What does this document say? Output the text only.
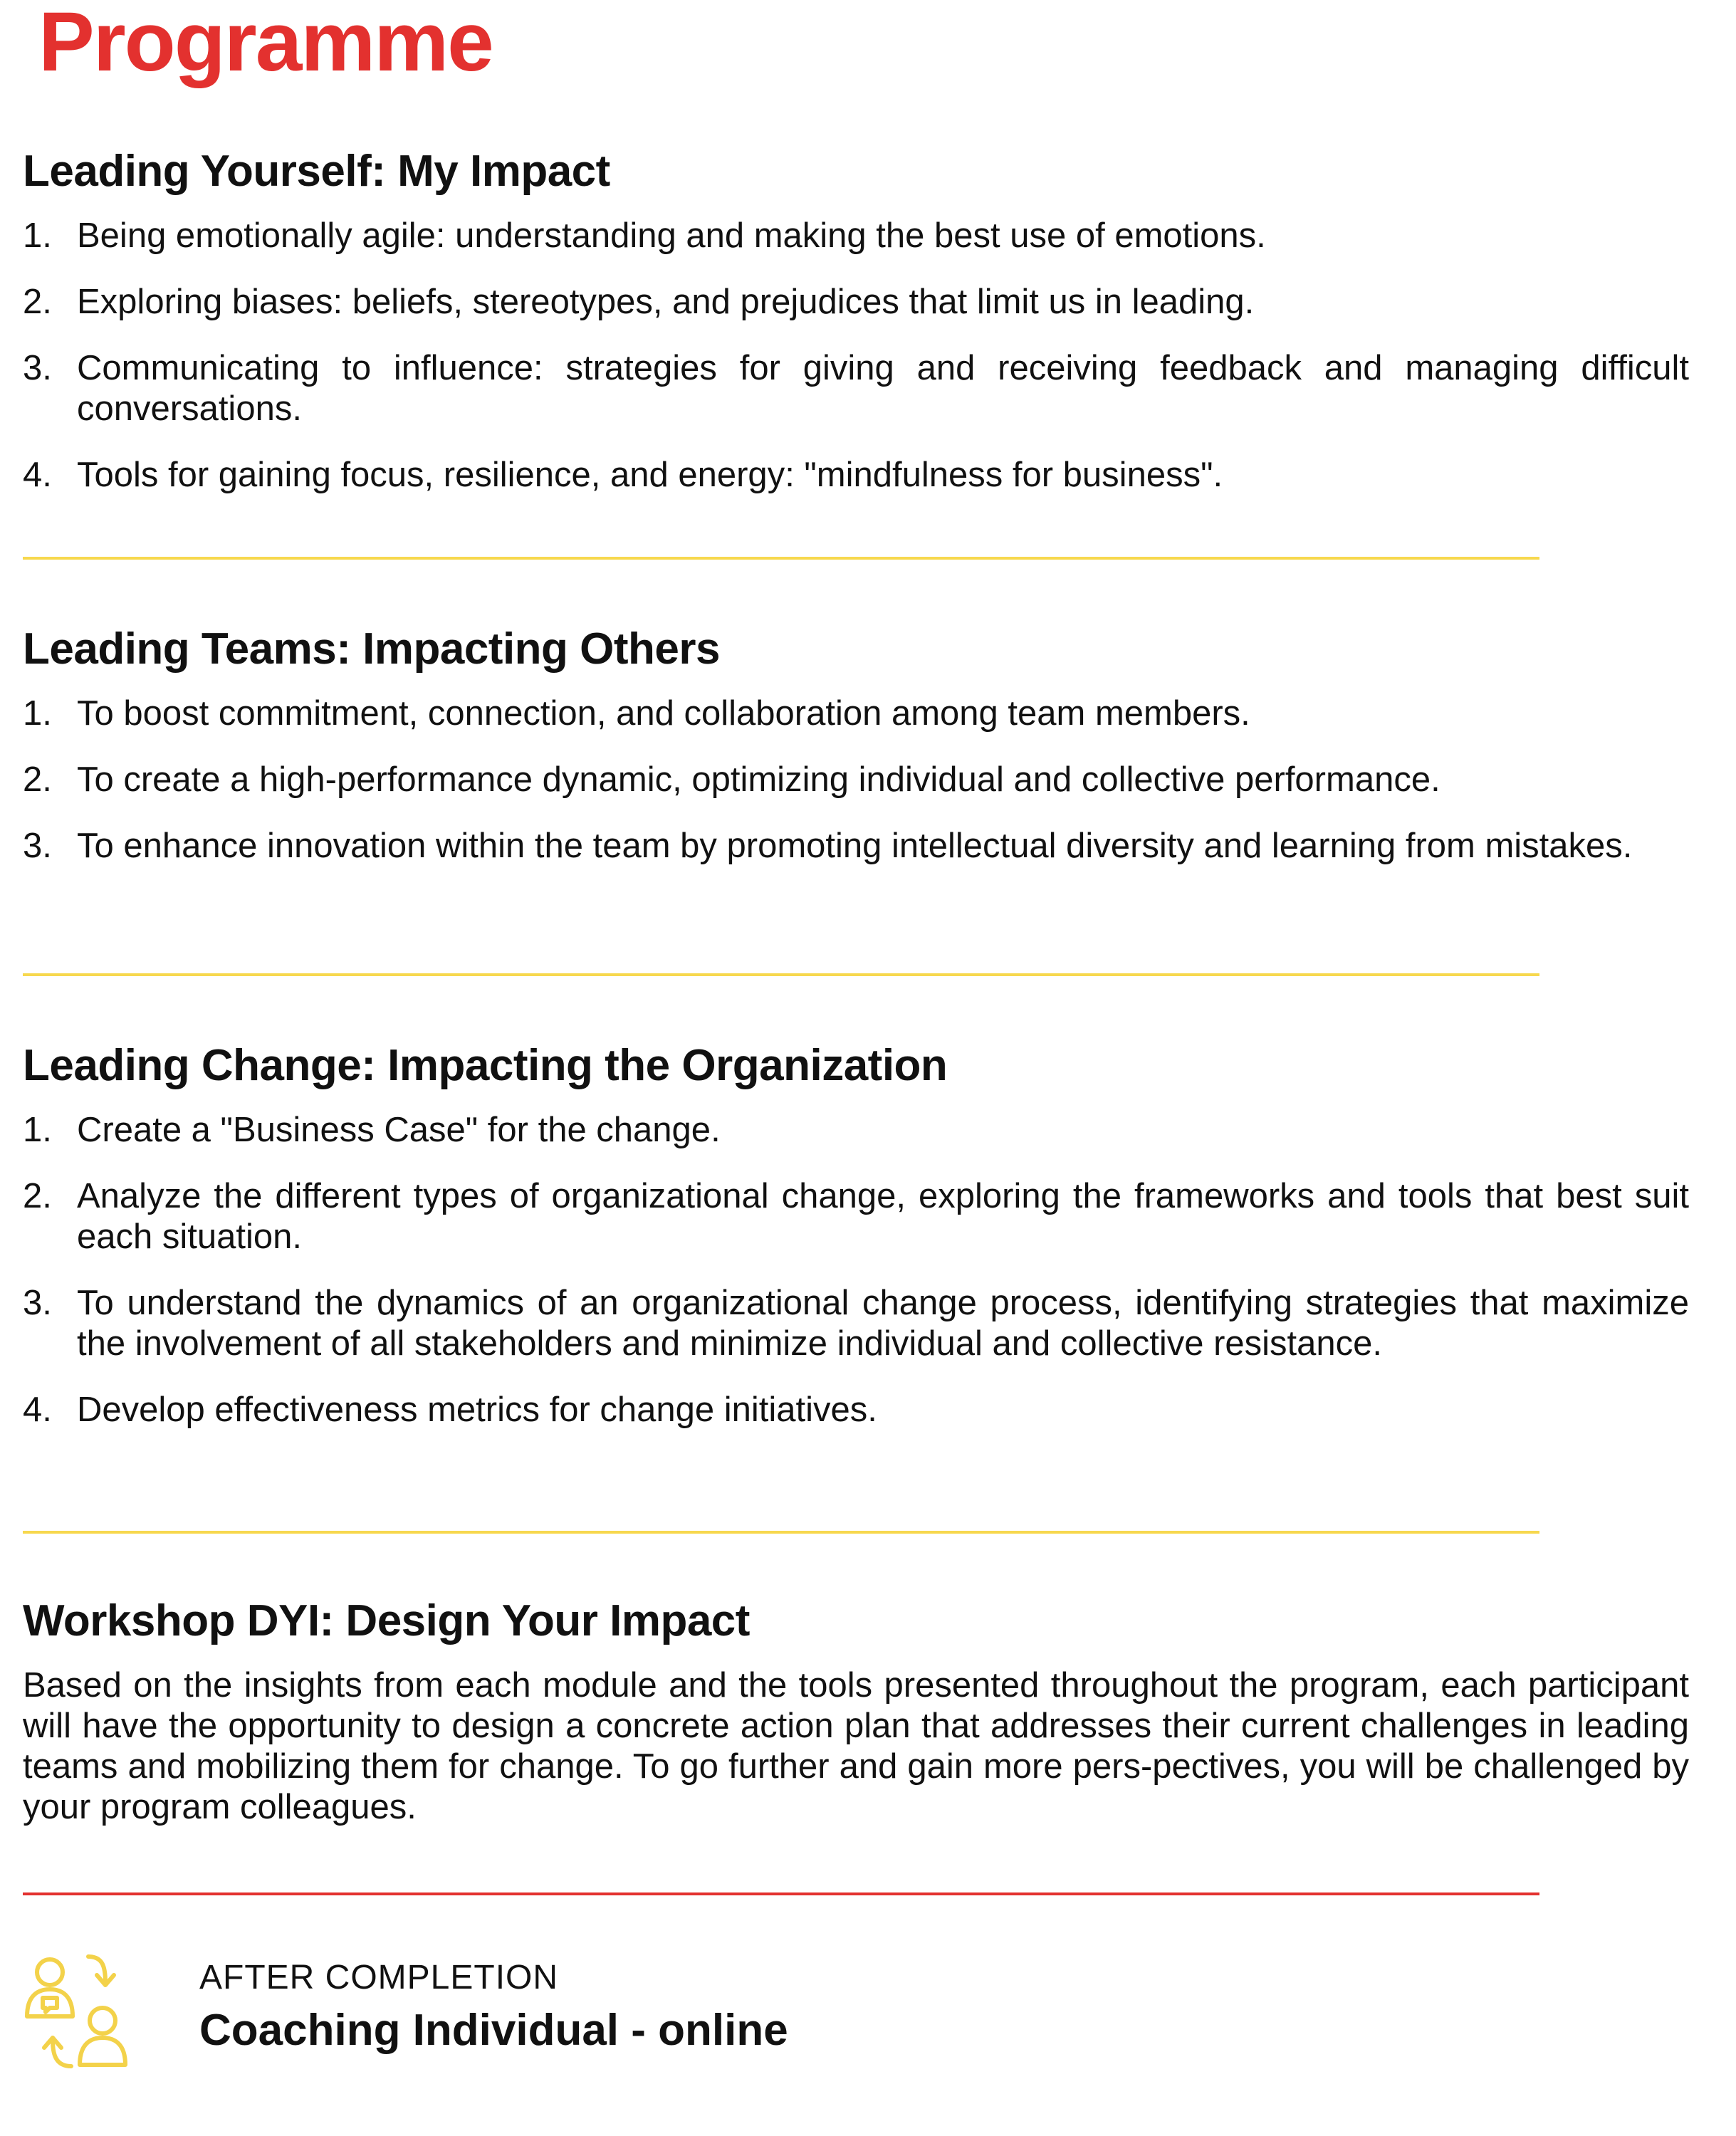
Programme
Leading Yourself: My Impact
1. Being emotionally agile: understanding and making the best use of emotions.
2. Exploring biases: beliefs, stereotypes, and prejudices that limit us in leading.
3. Communicating to influence: strategies for giving and receiving feedback and managing difficult conversations.
4. Tools for gaining focus, resilience, and energy: "mindfulness for business".
Leading Teams: Impacting Others
1. To boost commitment, connection, and collaboration among team members.
2. To create a high-performance dynamic, optimizing individual and collective performance.
3. To enhance innovation within the team by promoting intellectual diversity and learning from mistakes.
Leading Change: Impacting the Organization
1. Create a "Business Case" for the change.
2. Analyze the different types of organizational change, exploring the frameworks and tools that best suit each situation.
3. To understand the dynamics of an organizational change process, identifying strategies that maximize the involvement of all stakeholders and minimize individual and collective resistance.
4. Develop effectiveness metrics for change initiatives.
Workshop DYI: Design Your Impact

Based on the insights from each module and the tools presented throughout the program, each participant will have the opportunity to design a concrete action plan that addresses their current challenges in leading teams and mobilizing them for change. To go further and gain more pers-pectives, you will be challenged by your program colleagues.

AFTER COMPLETION
Coaching Individual - online
